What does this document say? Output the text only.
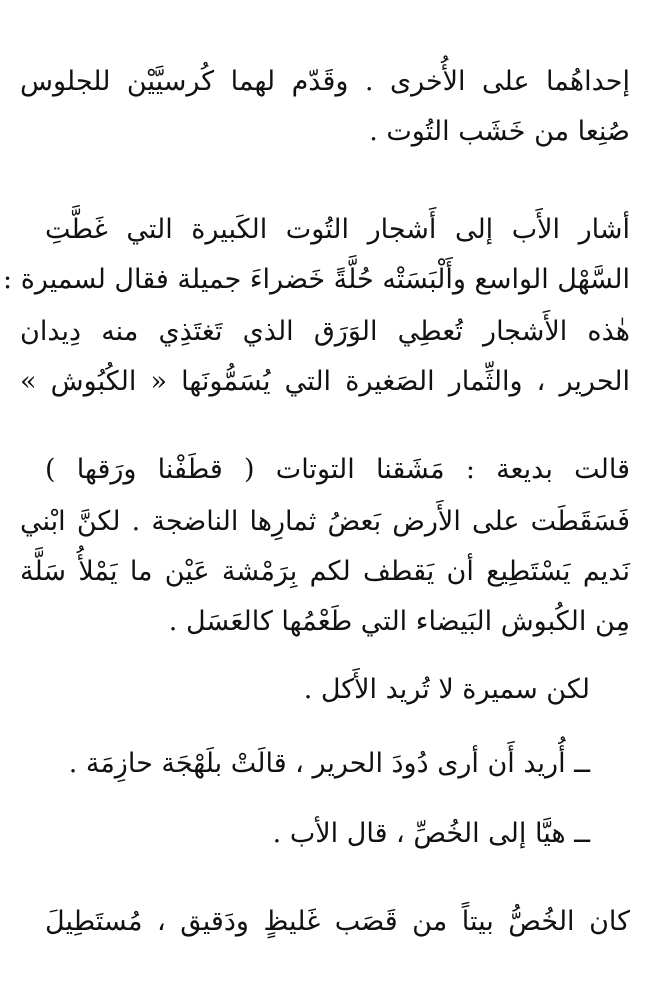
إحداهُما على الأُخرى . وقَدّم لهما كُرسيَّيْن للجلوس
صُنِعا من خَشَب التُوت .
أشار الأَب إلى أَشجار التُوت الكَبيرة التي غَطَّتِ
السَّهْل الواسع وأَلْبَسَتْه حُلَّةً خَضراءَ جميلة فقال لسميرة :
هٰذه الأَشجار تُعطِي الوَرَق الذي تَغتَذِي منه دِيدان
الحرير ، والثِّمار الصَغيرة التي يُسَمُّونَها « الكُبُوش »
قالت بديعة : مَشَقنا التوتات ( قطَفْنا ورَقها )
فَسَقَطَت على الأَرض بَعضُ ثمارِها الناضجة . لكنَّ ابْني
نَديم يَسْتَطِيع أن يَقطف لكم بِرَمْشة عَيْن ما يَمْلأُ سَلَّة
مِن الكُبوش البَيضاء التي طَعْمُها كالعَسَل .
لكن سميرة لا تُريد الأَكل .
ــ أُريد أَن أرى دُودَ الحرير ، قالَتْ بلَهْجَة حازِمَة .
ــ هيَّا إلى الخُصِّ ، قال الأب .
كان الخُصُّ بيتاً من قَصَب غَليظٍ ودَقيق ، مُستَطِيلَ
